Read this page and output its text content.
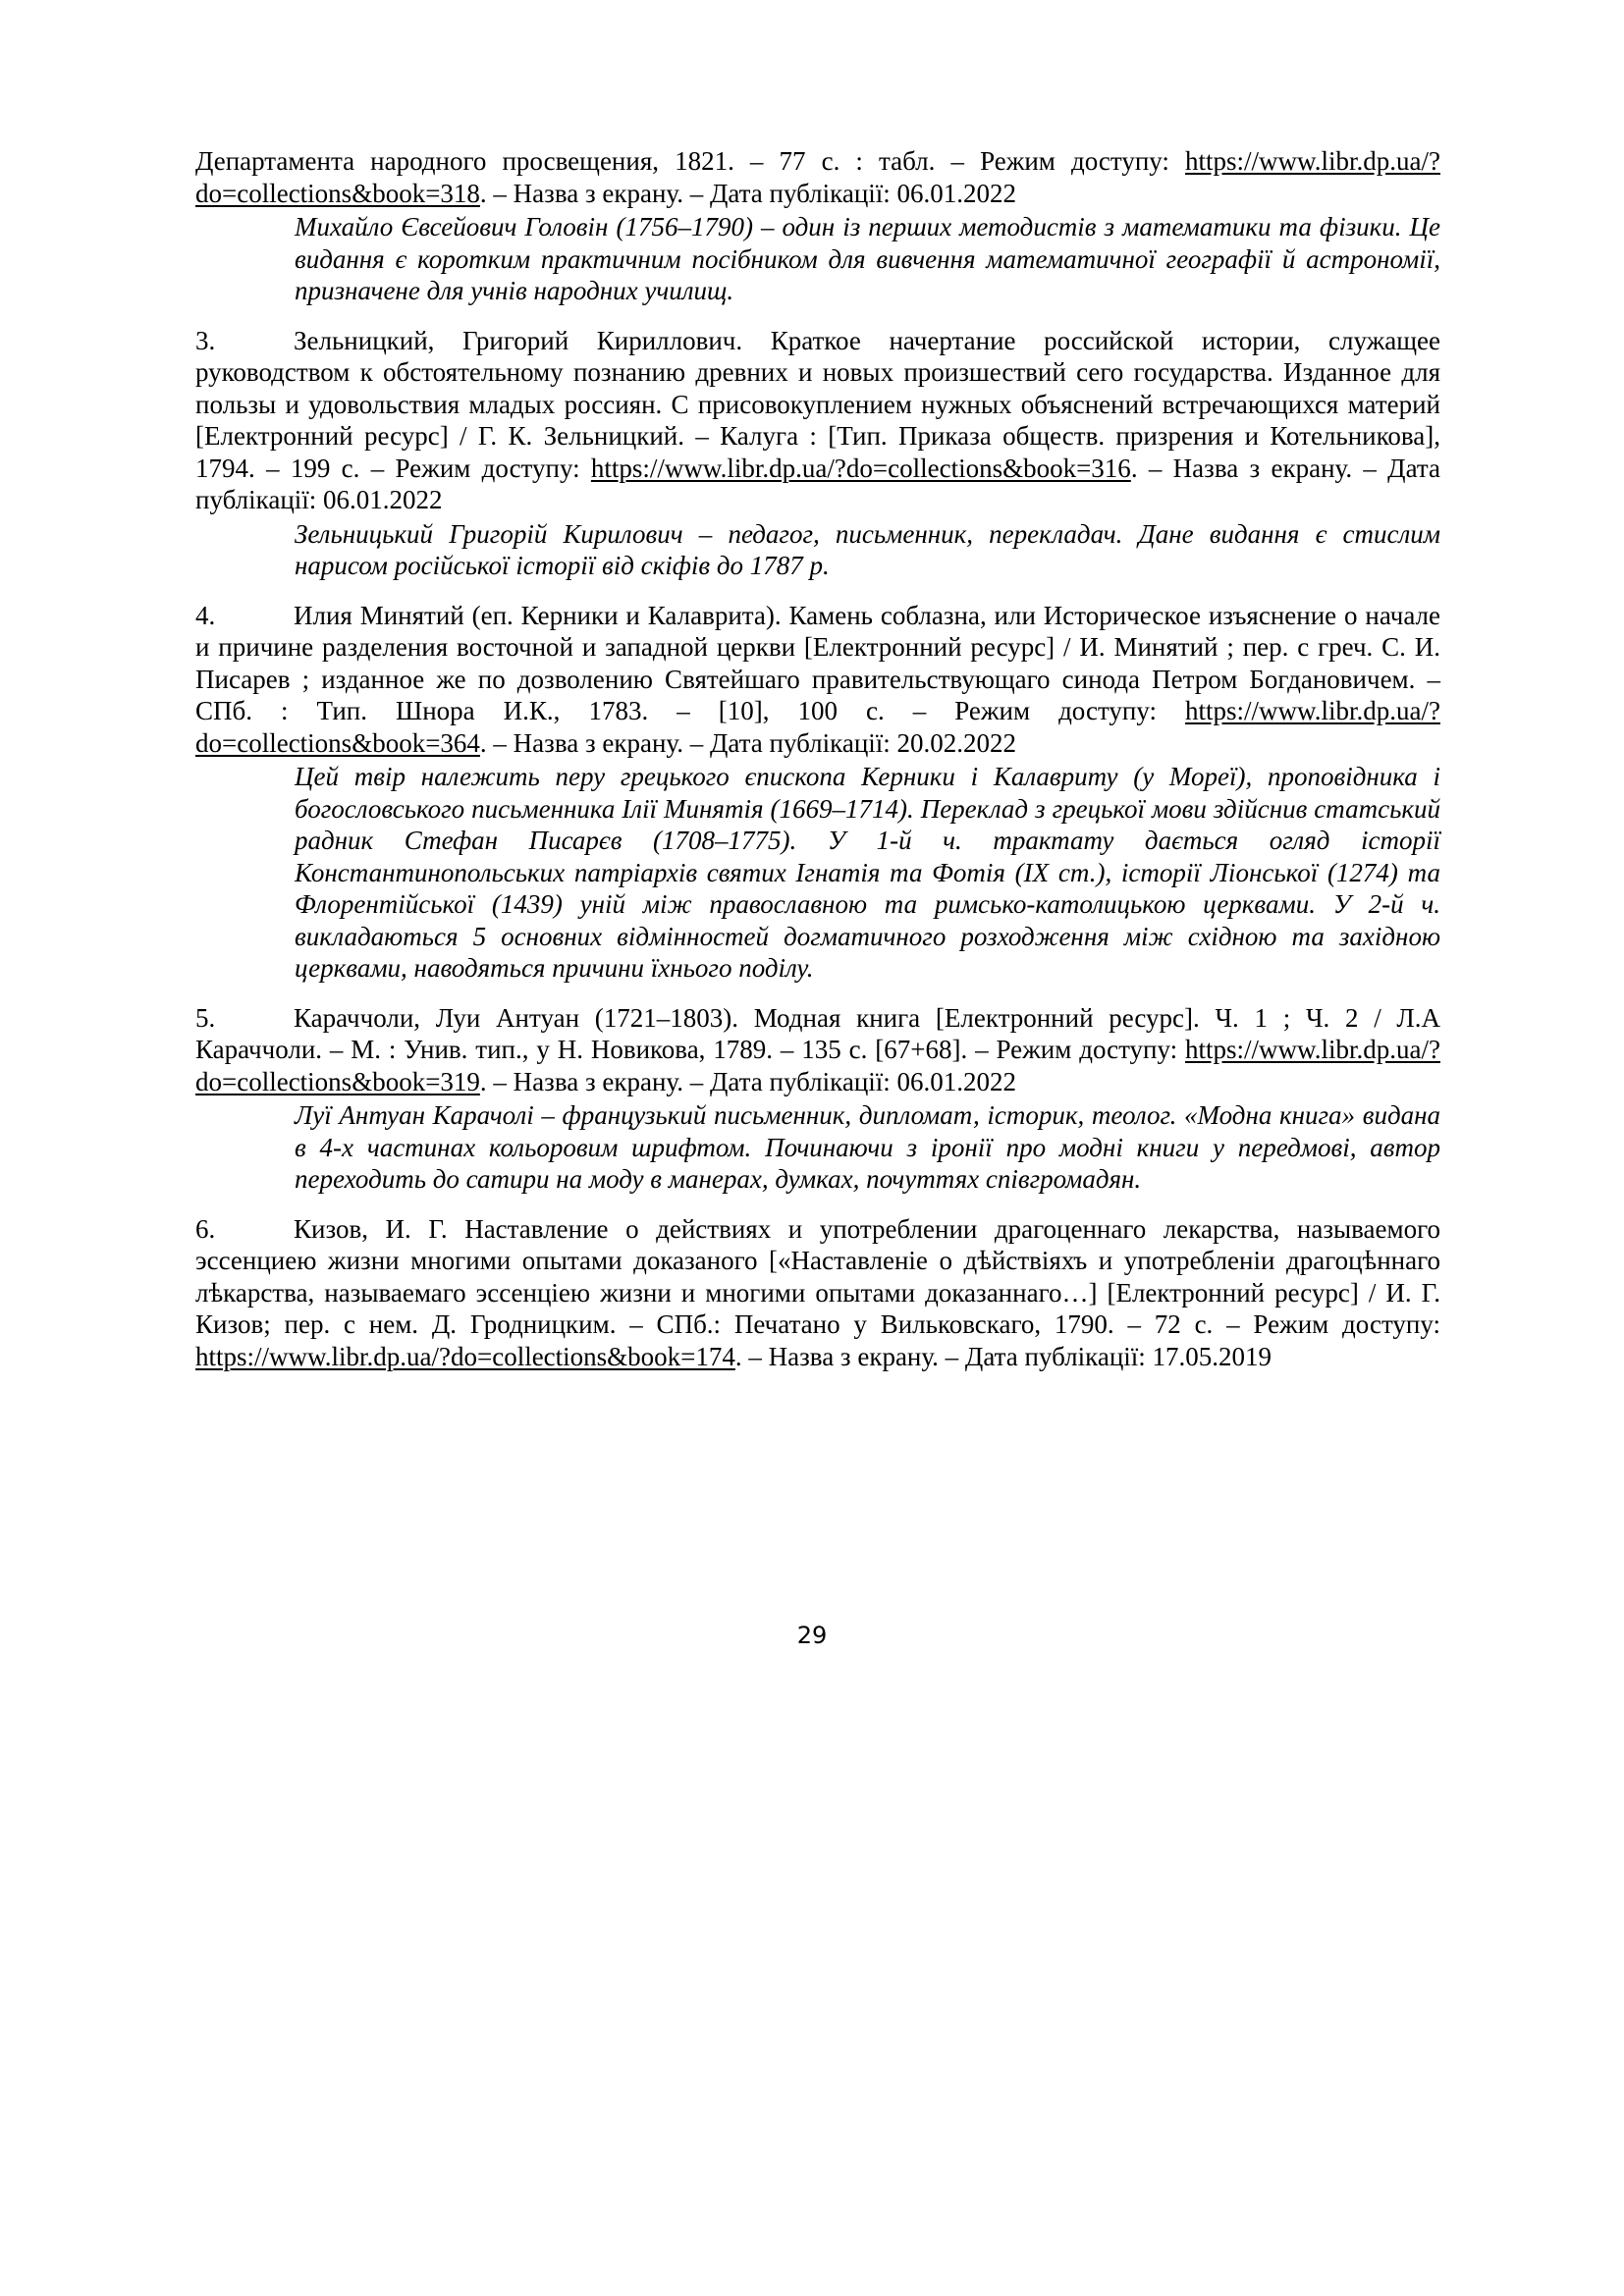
Департамента народного просвещения, 1821. – 77 с. : табл. – Режим доступу: https://www.libr.dp.ua/?do=collections&book=318. – Назва з екрану. – Дата публікації: 06.01.2022
Михайло Євсейович Головін (1756–1790) – один із перших методистів з математики та фізики. Це видання є коротким практичним посібником для вивчення математичної географії й астрономії, призначене для учнів народних училищ.
3.	Зельницкий, Григорий Кириллович. Краткое начертание российской истории, служащее руководством к обстоятельному познанию древних и новых произшествий сего государства. Изданное для пользы и удовольствия младых россиян. С присовокуплением нужных объяснений встречающихся материй [Електронний ресурс] / Г. К. Зельницкий. – Калуга : [Тип. Приказа обществ. призрения и Котельникова], 1794. – 199 с. – Режим доступу: https://www.libr.dp.ua/?do=collections&book=316. – Назва з екрану. – Дата публікації: 06.01.2022
Зельницький Григорій Кирилович – педагог, письменник, перекладач. Дане видання є стислим нарисом російської історії від скіфів до 1787 р.
4.	Илия Минятий (еп. Керники и Калаврита). Камень соблазна, или Историческое изъяснение о начале и причине разделения восточной и западной церкви [Електронний ресурс] / И. Минятий ; пер. с греч. С. И. Писарев ; изданное же по дозволению Святейшаго правительствующаго синода Петром Богдановичем. – СПб. : Тип. Шнора И.К., 1783. – [10], 100 с. – Режим доступу: https://www.libr.dp.ua/?do=collections&book=364. – Назва з екрану. – Дата публікації: 20.02.2022
Цей твір належить перу грецького єпископа Керники і Калавриту (у Мореї), проповідника і богословського письменника Ілії Минятія (1669–1714). Переклад з грецької мови здійснив статський радник Стефан Писарєв (1708–1775). У 1-й ч. трактату дається огляд історії Константинопольських патріархів святих Ігнатія та Фотія (IX ст.), історії Ліонської (1274) та Флорентійської (1439) уній між православною та римсько-католицькою церквами. У 2-й ч. викладаються 5 основних відмінностей догматичного розходження між східною та західною церквами, наводяться причини їхнього поділу.
5.	Караччоли, Луи Антуан (1721–1803). Модная книга [Електронний ресурс]. Ч. 1 ; Ч. 2 / Л.А Караччоли. – М. : Унив. тип., у Н. Новикова, 1789. – 135 с. [67+68]. – Режим доступу: https://www.libr.dp.ua/?do=collections&book=319. – Назва з екрану. – Дата публікації: 06.01.2022
Луї Антуан Карачолі – французький письменник, дипломат, історик, теолог. «Модна книга» видана в 4-х частинах кольоровим шрифтом. Починаючи з іронії про модні книги у передмові, автор переходить до сатири на моду в манерах, думках, почуттях співгромадян.
6.	Кизов, И. Г. Наставление о действиях и употреблении драгоценнаго лекарства, называемого эссенциею жизни многими опытами доказаного [«Наставленіе о дѣйствіяхъ и употребленіи драгоцѣннаго лѣкарства, называемаго эссенціею жизни и многими опытами доказаннаго…] [Електронний ресурс] / И. Г. Кизов; пер. с нем. Д. Гродницким. – СПб.: Печатано у Вильковскаго, 1790. – 72 с. – Режим доступу: https://www.libr.dp.ua/?do=collections&book=174. – Назва з екрану. – Дата публікації: 17.05.2019
29
